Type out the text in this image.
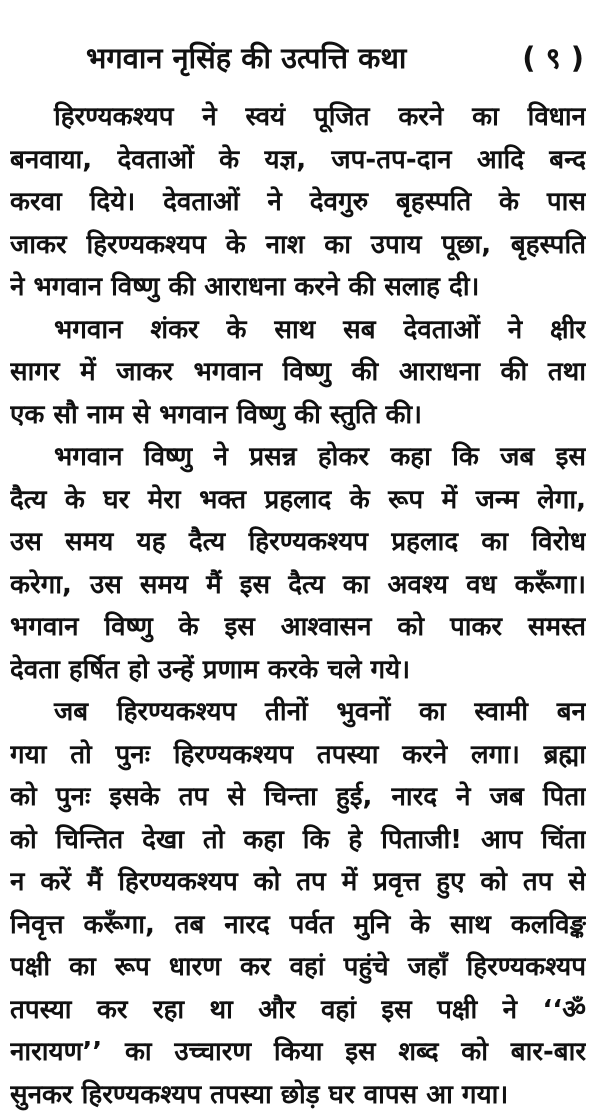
भगवान नृसिंह की उत्पत्ति कथा	( ९ )
हिरण्यकश्यप ने स्वयं पूजित करने का विधान
बनवाया, देवताओं के यज्ञ, जप-तप-दान आदि बन्द
करवा दिये। देवताओं ने देवगुरु बृहस्पति के पास
जाकर हिरण्यकश्यप के नाश का उपाय पूछा, बृहस्पति
ने भगवान विष्णु की आराधना करने की सलाह दी।
भगवान शंकर के साथ सब देवताओं ने क्षीर
सागर में जाकर भगवान विष्णु की आराधना की तथा
एक सौ नाम से भगवान विष्णु की स्तुति की।
भगवान विष्णु ने प्रसन्न होकर कहा कि जब इस
दैत्य के घर मेरा भक्त प्रहलाद के रूप में जन्म लेगा,
उस समय यह दैत्य हिरण्यकश्यप प्रहलाद का विरोध
करेगा, उस समय मैं इस दैत्य का अवश्य वध करूँगा।
भगवान विष्णु के इस आश्वासन को पाकर समस्त
देवता हर्षित हो उन्हें प्रणाम करके चले गये।
जब हिरण्यकश्यप तीनों भुवनों का स्वामी बन
गया तो पुनः हिरण्यकश्यप तपस्या करने लगा। ब्रह्मा
को पुनः इसके तप से चिन्ता हुई, नारद ने जब पिता
को चिन्तित देखा तो कहा कि हे पिताजी! आप चिंता
न करें मैं हिरण्यकश्यप को तप में प्रवृत्त हुए को तप से
निवृत्त करूँगा, तब नारद पर्वत मुनि के साथ कलविङ्क
पक्षी का रूप धारण कर वहां पहुंचे जहाँ हिरण्यकश्यप
तपस्या कर रहा था और वहां इस पक्षी ने ‘‘ॐ
नारायण’’ का उच्चारण किया इस शब्द को बार-बार
सुनकर हिरण्यकश्यप तपस्या छोड़ घर वापस आ गया।
